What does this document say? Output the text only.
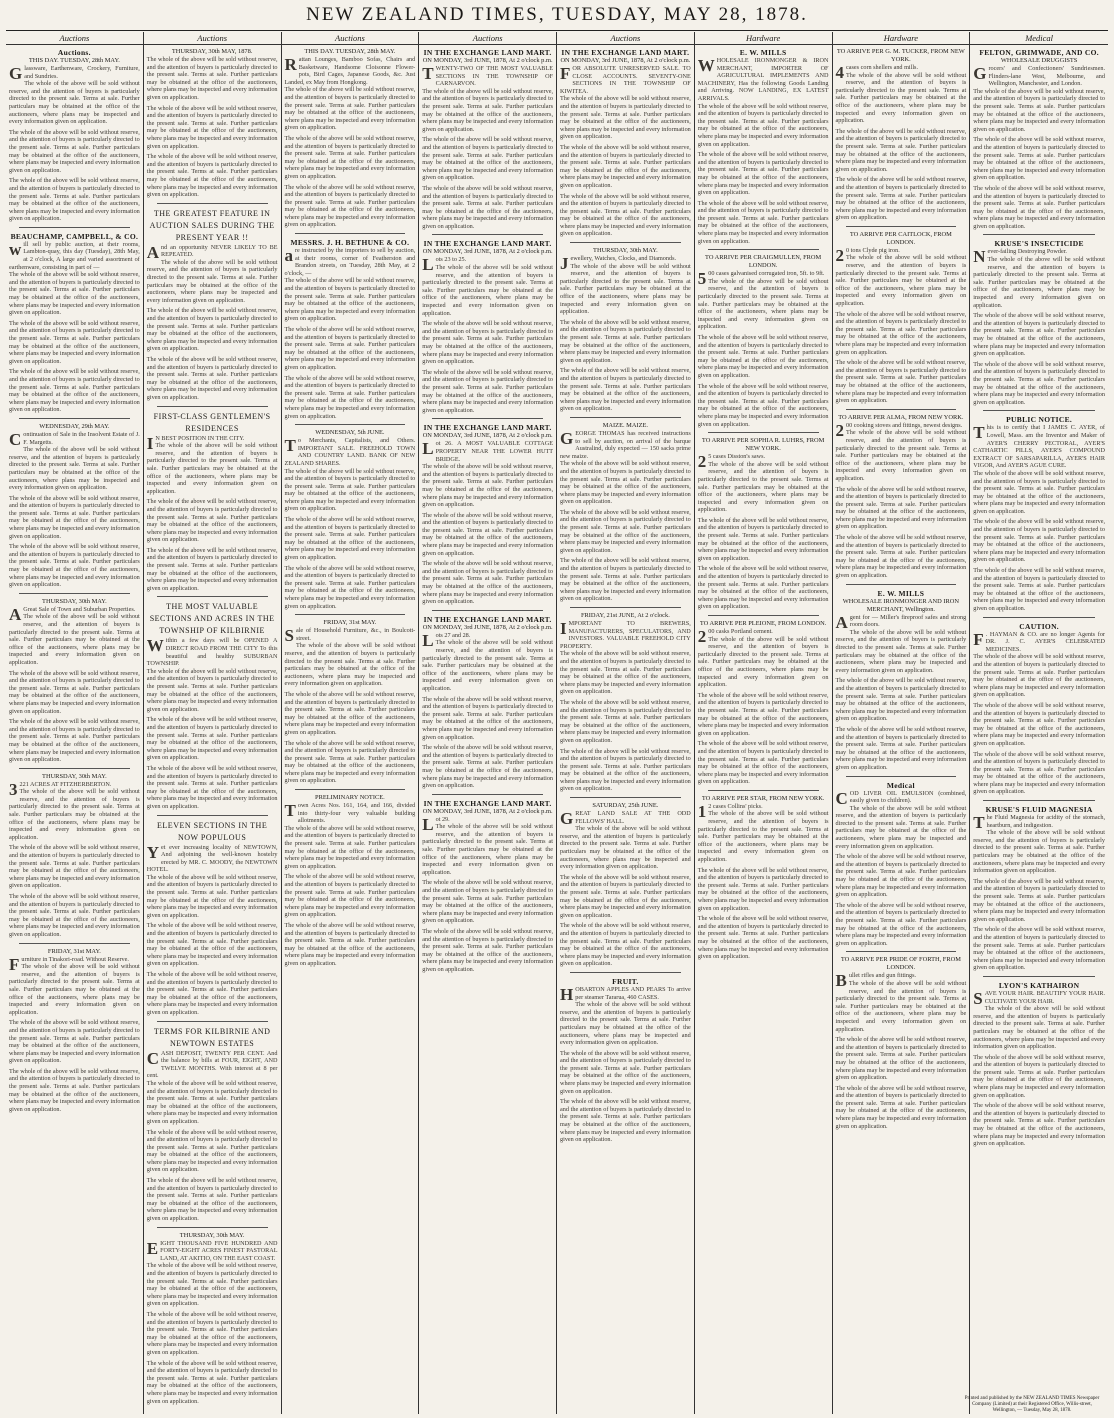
NEW ZEALAND TIMES, TUESDAY, MAY 28, 1878.
Auctions
Auctions.
THIS DAY. TUESDAY, 28th MAY.
Glassware, Earthenware, Crockery, Furniture, and Sundries.

The whole of the above will be sold without reserve, and the attention of buyers is particularly directed to the present sale. Terms at sale. Further particulars may be obtained at the office of the auctioneers, where plans may be inspected and every information given on application.

The whole of the above will be sold without reserve, and the attention of buyers is particularly directed to the present sale. Terms at sale. Further particulars may be obtained at the office of the auctioneers, where plans may be inspected and every information given on application.

The whole of the above will be sold without reserve, and the attention of buyers is particularly directed to the present sale. Terms at sale. Further particulars may be obtained at the office of the auctioneers, where plans may be inspected and every information given on application.

BEAUCHAMP, CAMPBELL, & CO.
will sell by public auction, at their rooms, Lambton-quay, this day (Tuesday), 28th May, at 2 o'clock, A large and varied assortment of earthenware, consisting in part of —

The whole of the above will be sold without reserve, and the attention of buyers is particularly directed to the present sale. Terms at sale. Further particulars may be obtained at the office of the auctioneers, where plans may be inspected and every information given on application.

The whole of the above will be sold without reserve, and the attention of buyers is particularly directed to the present sale. Terms at sale. Further particulars may be obtained at the office of the auctioneers, where plans may be inspected and every information given on application.

The whole of the above will be sold without reserve, and the attention of buyers is particularly directed to the present sale. Terms at sale. Further particulars may be obtained at the office of the auctioneers, where plans may be inspected and every information given on application.

WEDNESDAY, 29th MAY.
Continuation of Sale in the Insolvent Estate of J. F. Margetts.

The whole of the above will be sold without reserve, and the attention of buyers is particularly directed to the present sale. Terms at sale. Further particulars may be obtained at the office of the auctioneers, where plans may be inspected and every information given on application.

The whole of the above will be sold without reserve, and the attention of buyers is particularly directed to the present sale. Terms at sale. Further particulars may be obtained at the office of the auctioneers, where plans may be inspected and every information given on application.

The whole of the above will be sold without reserve, and the attention of buyers is particularly directed to the present sale. Terms at sale. Further particulars may be obtained at the office of the auctioneers, where plans may be inspected and every information given on application.

THURSDAY, 30th MAY.
A Great Sale of Town and Suburban Properties.

The whole of the above will be sold without reserve, and the attention of buyers is particularly directed to the present sale. Terms at sale. Further particulars may be obtained at the office of the auctioneers, where plans may be inspected and every information given on application.

The whole of the above will be sold without reserve, and the attention of buyers is particularly directed to the present sale. Terms at sale. Further particulars may be obtained at the office of the auctioneers, where plans may be inspected and every information given on application.

The whole of the above will be sold without reserve, and the attention of buyers is particularly directed to the present sale. Terms at sale. Further particulars may be obtained at the office of the auctioneers, where plans may be inspected and every information given on application.

THURSDAY, 30th MAY.
3 221 ACRES AT FITZHERBERTON.

The whole of the above will be sold without reserve, and the attention of buyers is particularly directed to the present sale. Terms at sale. Further particulars may be obtained at the office of the auctioneers, where plans may be inspected and every information given on application.

The whole of the above will be sold without reserve, and the attention of buyers is particularly directed to the present sale. Terms at sale. Further particulars may be obtained at the office of the auctioneers, where plans may be inspected and every information given on application.

The whole of the above will be sold without reserve, and the attention of buyers is particularly directed to the present sale. Terms at sale. Further particulars may be obtained at the office of the auctioneers, where plans may be inspected and every information given on application.

FRIDAY, 31st MAY.
Furniture in Tinakori-road. Without Reserve.

The whole of the above will be sold without reserve, and the attention of buyers is particularly directed to the present sale. Terms at sale. Further particulars may be obtained at the office of the auctioneers, where plans may be inspected and every information given on application.

The whole of the above will be sold without reserve, and the attention of buyers is particularly directed to the present sale. Terms at sale. Further particulars may be obtained at the office of the auctioneers, where plans may be inspected and every information given on application.

The whole of the above will be sold without reserve, and the attention of buyers is particularly directed to the present sale. Terms at sale. Further particulars may be obtained at the office of the auctioneers, where plans may be inspected and every information given on application.

Auctions
THURSDAY, 30th MAY, 1878.

The whole of the above will be sold without reserve, and the attention of buyers is particularly directed to the present sale. Terms at sale. Further particulars may be obtained at the office of the auctioneers, where plans may be inspected and every information given on application.

The whole of the above will be sold without reserve, and the attention of buyers is particularly directed to the present sale. Terms at sale. Further particulars may be obtained at the office of the auctioneers, where plans may be inspected and every information given on application.

The whole of the above will be sold without reserve, and the attention of buyers is particularly directed to the present sale. Terms at sale. Further particulars may be obtained at the office of the auctioneers, where plans may be inspected and every information given on application.

THE GREATEST FEATURE IN AUCTION SALES DURING THE PRESENT YEAR !!
And an opportunity NEVER LIKELY TO BE REPEATED.

The whole of the above will be sold without reserve, and the attention of buyers is particularly directed to the present sale. Terms at sale. Further particulars may be obtained at the office of the auctioneers, where plans may be inspected and every information given on application.

The whole of the above will be sold without reserve, and the attention of buyers is particularly directed to the present sale. Terms at sale. Further particulars may be obtained at the office of the auctioneers, where plans may be inspected and every information given on application.

The whole of the above will be sold without reserve, and the attention of buyers is particularly directed to the present sale. Terms at sale. Further particulars may be obtained at the office of the auctioneers, where plans may be inspected and every information given on application.

FIRST-CLASS GENTLEMEN'S RESIDENCES
I N BEST POSITION IN THE CITY.

The whole of the above will be sold without reserve, and the attention of buyers is particularly directed to the present sale. Terms at sale. Further particulars may be obtained at the office of the auctioneers, where plans may be inspected and every information given on application.

The whole of the above will be sold without reserve, and the attention of buyers is particularly directed to the present sale. Terms at sale. Further particulars may be obtained at the office of the auctioneers, where plans may be inspected and every information given on application.

The whole of the above will be sold without reserve, and the attention of buyers is particularly directed to the present sale. Terms at sale. Further particulars may be obtained at the office of the auctioneers, where plans may be inspected and every information given on application.

THE MOST VALUABLE SECTIONS AND ACRES IN THE TOWNSHIP OF KILBIRNIE
Within a few days will be OPENED A DIRECT ROAD FROM THE CITY To this beautiful and healthy SUBURBAN TOWNSHIP.

The whole of the above will be sold without reserve, and the attention of buyers is particularly directed to the present sale. Terms at sale. Further particulars may be obtained at the office of the auctioneers, where plans may be inspected and every information given on application.

The whole of the above will be sold without reserve, and the attention of buyers is particularly directed to the present sale. Terms at sale. Further particulars may be obtained at the office of the auctioneers, where plans may be inspected and every information given on application.

The whole of the above will be sold without reserve, and the attention of buyers is particularly directed to the present sale. Terms at sale. Further particulars may be obtained at the office of the auctioneers, where plans may be inspected and every information given on application.

ELEVEN SECTIONS IN THE NOW POPULOUS
Yet ever increasing locality of NEWTOWN, And adjoining the well-known hostelry erected by MR. C. MOODY, the NEWTOWN HOTEL.

The whole of the above will be sold without reserve, and the attention of buyers is particularly directed to the present sale. Terms at sale. Further particulars may be obtained at the office of the auctioneers, where plans may be inspected and every information given on application.

The whole of the above will be sold without reserve, and the attention of buyers is particularly directed to the present sale. Terms at sale. Further particulars may be obtained at the office of the auctioneers, where plans may be inspected and every information given on application.

The whole of the above will be sold without reserve, and the attention of buyers is particularly directed to the present sale. Terms at sale. Further particulars may be obtained at the office of the auctioneers, where plans may be inspected and every information given on application.

TERMS FOR KILBIRNIE AND NEWTOWN ESTATES
CASH DEPOSIT, TWENTY PER CENT. And the balance by bills at FOUR, EIGHT, AND TWELVE MONTHS. With interest at 8 per cent.

The whole of the above will be sold without reserve, and the attention of buyers is particularly directed to the present sale. Terms at sale. Further particulars may be obtained at the office of the auctioneers, where plans may be inspected and every information given on application.

The whole of the above will be sold without reserve, and the attention of buyers is particularly directed to the present sale. Terms at sale. Further particulars may be obtained at the office of the auctioneers, where plans may be inspected and every information given on application.

The whole of the above will be sold without reserve, and the attention of buyers is particularly directed to the present sale. Terms at sale. Further particulars may be obtained at the office of the auctioneers, where plans may be inspected and every information given on application.

THURSDAY, 30th MAY.
EIGHT THOUSAND FIVE HUNDRED AND FORTY-EIGHT ACRES FINEST PASTORAL LAND, AT AKITIO, ON THE EAST COAST.

The whole of the above will be sold without reserve, and the attention of buyers is particularly directed to the present sale. Terms at sale. Further particulars may be obtained at the office of the auctioneers, where plans may be inspected and every information given on application.

The whole of the above will be sold without reserve, and the attention of buyers is particularly directed to the present sale. Terms at sale. Further particulars may be obtained at the office of the auctioneers, where plans may be inspected and every information given on application.

The whole of the above will be sold without reserve, and the attention of buyers is particularly directed to the present sale. Terms at sale. Further particulars may be obtained at the office of the auctioneers, where plans may be inspected and every information given on application.

Auctions
THIS DAY. TUESDAY, 28th MAY.
Rattan Lounges, Bamboo Sofas, Chairs and Basketware, Handsome Cloisonne Flower-pots, Bird Cages, Japanese Goods, &c. Just Landed, ex May from Hongkong.

The whole of the above will be sold without reserve, and the attention of buyers is particularly directed to the present sale. Terms at sale. Further particulars may be obtained at the office of the auctioneers, where plans may be inspected and every information given on application.

The whole of the above will be sold without reserve, and the attention of buyers is particularly directed to the present sale. Terms at sale. Further particulars may be obtained at the office of the auctioneers, where plans may be inspected and every information given on application.

The whole of the above will be sold without reserve, and the attention of buyers is particularly directed to the present sale. Terms at sale. Further particulars may be obtained at the office of the auctioneers, where plans may be inspected and every information given on application.

MESSRS. J. H. BETHUNE & CO.
are instructed by the importers to sell by auction, at their rooms, corner of Featherston and Brandon streets, on Tuesday, 28th May, at 2 o'clock, —

The whole of the above will be sold without reserve, and the attention of buyers is particularly directed to the present sale. Terms at sale. Further particulars may be obtained at the office of the auctioneers, where plans may be inspected and every information given on application.

The whole of the above will be sold without reserve, and the attention of buyers is particularly directed to the present sale. Terms at sale. Further particulars may be obtained at the office of the auctioneers, where plans may be inspected and every information given on application.

The whole of the above will be sold without reserve, and the attention of buyers is particularly directed to the present sale. Terms at sale. Further particulars may be obtained at the office of the auctioneers, where plans may be inspected and every information given on application.

WEDNESDAY, 5th JUNE.
To Merchants, Capitalists, and Others. IMPORTANT SALE. FREEHOLD TOWN AND COUNTRY LAND. BANK OF NEW ZEALAND SHARES.

The whole of the above will be sold without reserve, and the attention of buyers is particularly directed to the present sale. Terms at sale. Further particulars may be obtained at the office of the auctioneers, where plans may be inspected and every information given on application.

The whole of the above will be sold without reserve, and the attention of buyers is particularly directed to the present sale. Terms at sale. Further particulars may be obtained at the office of the auctioneers, where plans may be inspected and every information given on application.

The whole of the above will be sold without reserve, and the attention of buyers is particularly directed to the present sale. Terms at sale. Further particulars may be obtained at the office of the auctioneers, where plans may be inspected and every information given on application.

FRIDAY, 31st MAY.
Sale of Household Furniture, &c., in Boulcott-street.

The whole of the above will be sold without reserve, and the attention of buyers is particularly directed to the present sale. Terms at sale. Further particulars may be obtained at the office of the auctioneers, where plans may be inspected and every information given on application.

The whole of the above will be sold without reserve, and the attention of buyers is particularly directed to the present sale. Terms at sale. Further particulars may be obtained at the office of the auctioneers, where plans may be inspected and every information given on application.

The whole of the above will be sold without reserve, and the attention of buyers is particularly directed to the present sale. Terms at sale. Further particulars may be obtained at the office of the auctioneers, where plans may be inspected and every information given on application.

PRELIMINARY NOTICE.
Town Acres Nos. 161, 164, and 166, divided into thirty-four very valuable building allotments.

The whole of the above will be sold without reserve, and the attention of buyers is particularly directed to the present sale. Terms at sale. Further particulars may be obtained at the office of the auctioneers, where plans may be inspected and every information given on application.

The whole of the above will be sold without reserve, and the attention of buyers is particularly directed to the present sale. Terms at sale. Further particulars may be obtained at the office of the auctioneers, where plans may be inspected and every information given on application.

The whole of the above will be sold without reserve, and the attention of buyers is particularly directed to the present sale. Terms at sale. Further particulars may be obtained at the office of the auctioneers, where plans may be inspected and every information given on application.

Auctions
IN THE EXCHANGE LAND MART.
ON MONDAY, 3rd JUNE, 1878, At 2 o'clock p.m.
TWENTY-TWO OF THE MOST VALUABLE SECTIONS IN THE TOWNSHIP OF CARNARVON.

The whole of the above will be sold without reserve, and the attention of buyers is particularly directed to the present sale. Terms at sale. Further particulars may be obtained at the office of the auctioneers, where plans may be inspected and every information given on application.

The whole of the above will be sold without reserve, and the attention of buyers is particularly directed to the present sale. Terms at sale. Further particulars may be obtained at the office of the auctioneers, where plans may be inspected and every information given on application.

The whole of the above will be sold without reserve, and the attention of buyers is particularly directed to the present sale. Terms at sale. Further particulars may be obtained at the office of the auctioneers, where plans may be inspected and every information given on application.

IN THE EXCHANGE LAND MART.
ON MONDAY, 3rd JUNE, 1878, At 2 o'clock p.m.
Lots 23 to 25.

The whole of the above will be sold without reserve, and the attention of buyers is particularly directed to the present sale. Terms at sale. Further particulars may be obtained at the office of the auctioneers, where plans may be inspected and every information given on application.

The whole of the above will be sold without reserve, and the attention of buyers is particularly directed to the present sale. Terms at sale. Further particulars may be obtained at the office of the auctioneers, where plans may be inspected and every information given on application.

The whole of the above will be sold without reserve, and the attention of buyers is particularly directed to the present sale. Terms at sale. Further particulars may be obtained at the office of the auctioneers, where plans may be inspected and every information given on application.

IN THE EXCHANGE LAND MART.
ON MONDAY, 3rd JUNE, 1878, At 2 o'clock p.m.
Lot 26. A MOST VALUABLE COTTAGE PROPERTY NEAR THE LOWER HUTT BRIDGE.

The whole of the above will be sold without reserve, and the attention of buyers is particularly directed to the present sale. Terms at sale. Further particulars may be obtained at the office of the auctioneers, where plans may be inspected and every information given on application.

The whole of the above will be sold without reserve, and the attention of buyers is particularly directed to the present sale. Terms at sale. Further particulars may be obtained at the office of the auctioneers, where plans may be inspected and every information given on application.

The whole of the above will be sold without reserve, and the attention of buyers is particularly directed to the present sale. Terms at sale. Further particulars may be obtained at the office of the auctioneers, where plans may be inspected and every information given on application.

IN THE EXCHANGE LAND MART.
ON MONDAY, 3rd JUNE, 1878, At 2 o'clock p.m.
Lots 27 and 28.

The whole of the above will be sold without reserve, and the attention of buyers is particularly directed to the present sale. Terms at sale. Further particulars may be obtained at the office of the auctioneers, where plans may be inspected and every information given on application.

The whole of the above will be sold without reserve, and the attention of buyers is particularly directed to the present sale. Terms at sale. Further particulars may be obtained at the office of the auctioneers, where plans may be inspected and every information given on application.

The whole of the above will be sold without reserve, and the attention of buyers is particularly directed to the present sale. Terms at sale. Further particulars may be obtained at the office of the auctioneers, where plans may be inspected and every information given on application.

IN THE EXCHANGE LAND MART.
ON MONDAY, 3rd JUNE, 1878, At 2 o'clock p.m.
Lot 29.

The whole of the above will be sold without reserve, and the attention of buyers is particularly directed to the present sale. Terms at sale. Further particulars may be obtained at the office of the auctioneers, where plans may be inspected and every information given on application.

The whole of the above will be sold without reserve, and the attention of buyers is particularly directed to the present sale. Terms at sale. Further particulars may be obtained at the office of the auctioneers, where plans may be inspected and every information given on application.

The whole of the above will be sold without reserve, and the attention of buyers is particularly directed to the present sale. Terms at sale. Further particulars may be obtained at the office of the auctioneers, where plans may be inspected and every information given on application.

Auctions
IN THE EXCHANGE LAND MART.
ON MONDAY, 3rd JUNE, 1878, At 2 o'clock p.m.
FOR ABSOLUTE UNRESERVED SALE. TO CLOSE ACCOUNTS. SEVENTY-ONE SECTIONS IN THE TOWNSHIP OF KIWITEA.

The whole of the above will be sold without reserve, and the attention of buyers is particularly directed to the present sale. Terms at sale. Further particulars may be obtained at the office of the auctioneers, where plans may be inspected and every information given on application.

The whole of the above will be sold without reserve, and the attention of buyers is particularly directed to the present sale. Terms at sale. Further particulars may be obtained at the office of the auctioneers, where plans may be inspected and every information given on application.

The whole of the above will be sold without reserve, and the attention of buyers is particularly directed to the present sale. Terms at sale. Further particulars may be obtained at the office of the auctioneers, where plans may be inspected and every information given on application.

THURSDAY, 30th MAY.
Jewellery, Watches, Clocks, and Diamonds.

The whole of the above will be sold without reserve, and the attention of buyers is particularly directed to the present sale. Terms at sale. Further particulars may be obtained at the office of the auctioneers, where plans may be inspected and every information given on application.

The whole of the above will be sold without reserve, and the attention of buyers is particularly directed to the present sale. Terms at sale. Further particulars may be obtained at the office of the auctioneers, where plans may be inspected and every information given on application.

The whole of the above will be sold without reserve, and the attention of buyers is particularly directed to the present sale. Terms at sale. Further particulars may be obtained at the office of the auctioneers, where plans may be inspected and every information given on application.

MAIZE. MAIZE.
GEORGE THOMAS has received instructions to sell by auction, on arrival of the barque Australind, duly expected — 150 sacks prime new maize.

The whole of the above will be sold without reserve, and the attention of buyers is particularly directed to the present sale. Terms at sale. Further particulars may be obtained at the office of the auctioneers, where plans may be inspected and every information given on application.

The whole of the above will be sold without reserve, and the attention of buyers is particularly directed to the present sale. Terms at sale. Further particulars may be obtained at the office of the auctioneers, where plans may be inspected and every information given on application.

The whole of the above will be sold without reserve, and the attention of buyers is particularly directed to the present sale. Terms at sale. Further particulars may be obtained at the office of the auctioneers, where plans may be inspected and every information given on application.

FRIDAY, 21st JUNE, At 2 o'clock.
IMPORTANT TO BREWERS, MANUFACTURERS, SPECULATORS, AND INVESTORS. VALUABLE FREEHOLD CITY PROPERTY.

The whole of the above will be sold without reserve, and the attention of buyers is particularly directed to the present sale. Terms at sale. Further particulars may be obtained at the office of the auctioneers, where plans may be inspected and every information given on application.

The whole of the above will be sold without reserve, and the attention of buyers is particularly directed to the present sale. Terms at sale. Further particulars may be obtained at the office of the auctioneers, where plans may be inspected and every information given on application.

The whole of the above will be sold without reserve, and the attention of buyers is particularly directed to the present sale. Terms at sale. Further particulars may be obtained at the office of the auctioneers, where plans may be inspected and every information given on application.

SATURDAY, 25th JUNE.
GREAT LAND SALE AT THE ODD FELLOWS' HALL.

The whole of the above will be sold without reserve, and the attention of buyers is particularly directed to the present sale. Terms at sale. Further particulars may be obtained at the office of the auctioneers, where plans may be inspected and every information given on application.

The whole of the above will be sold without reserve, and the attention of buyers is particularly directed to the present sale. Terms at sale. Further particulars may be obtained at the office of the auctioneers, where plans may be inspected and every information given on application.

The whole of the above will be sold without reserve, and the attention of buyers is particularly directed to the present sale. Terms at sale. Further particulars may be obtained at the office of the auctioneers, where plans may be inspected and every information given on application.

FRUIT.
HOBARTON APPLES AND PEARS To arrive per steamer Tararua, 460 CASES.

The whole of the above will be sold without reserve, and the attention of buyers is particularly directed to the present sale. Terms at sale. Further particulars may be obtained at the office of the auctioneers, where plans may be inspected and every information given on application.

The whole of the above will be sold without reserve, and the attention of buyers is particularly directed to the present sale. Terms at sale. Further particulars may be obtained at the office of the auctioneers, where plans may be inspected and every information given on application.

The whole of the above will be sold without reserve, and the attention of buyers is particularly directed to the present sale. Terms at sale. Further particulars may be obtained at the office of the auctioneers, where plans may be inspected and every information given on application.

Hardware
E. W. MILLS
WHOLESALE IRONMONGER & IRON MERCHANT, IMPORTER OF AGRICULTURAL IMPLEMENTS AND MACHINERY, Has the following Goods Landing and Arriving. NOW LANDING, EX LATEST ARRIVALS.

The whole of the above will be sold without reserve, and the attention of buyers is particularly directed to the present sale. Terms at sale. Further particulars may be obtained at the office of the auctioneers, where plans may be inspected and every information given on application.

The whole of the above will be sold without reserve, and the attention of buyers is particularly directed to the present sale. Terms at sale. Further particulars may be obtained at the office of the auctioneers, where plans may be inspected and every information given on application.

The whole of the above will be sold without reserve, and the attention of buyers is particularly directed to the present sale. Terms at sale. Further particulars may be obtained at the office of the auctioneers, where plans may be inspected and every information given on application.

TO ARRIVE PER CRAIGMULLEN, FROM LONDON.
5 00 cases galvanised corrugated iron, 5ft. to 9ft.

The whole of the above will be sold without reserve, and the attention of buyers is particularly directed to the present sale. Terms at sale. Further particulars may be obtained at the office of the auctioneers, where plans may be inspected and every information given on application.

The whole of the above will be sold without reserve, and the attention of buyers is particularly directed to the present sale. Terms at sale. Further particulars may be obtained at the office of the auctioneers, where plans may be inspected and every information given on application.

The whole of the above will be sold without reserve, and the attention of buyers is particularly directed to the present sale. Terms at sale. Further particulars may be obtained at the office of the auctioneers, where plans may be inspected and every information given on application.

TO ARRIVE PER SOPHIA R. LUHRS, FROM NEW YORK.
2 5 cases Disston's saws.

The whole of the above will be sold without reserve, and the attention of buyers is particularly directed to the present sale. Terms at sale. Further particulars may be obtained at the office of the auctioneers, where plans may be inspected and every information given on application.

The whole of the above will be sold without reserve, and the attention of buyers is particularly directed to the present sale. Terms at sale. Further particulars may be obtained at the office of the auctioneers, where plans may be inspected and every information given on application.

The whole of the above will be sold without reserve, and the attention of buyers is particularly directed to the present sale. Terms at sale. Further particulars may be obtained at the office of the auctioneers, where plans may be inspected and every information given on application.

TO ARRIVE PER PLEIONE, FROM LONDON.
2 00 casks Portland cement.

The whole of the above will be sold without reserve, and the attention of buyers is particularly directed to the present sale. Terms at sale. Further particulars may be obtained at the office of the auctioneers, where plans may be inspected and every information given on application.

The whole of the above will be sold without reserve, and the attention of buyers is particularly directed to the present sale. Terms at sale. Further particulars may be obtained at the office of the auctioneers, where plans may be inspected and every information given on application.

The whole of the above will be sold without reserve, and the attention of buyers is particularly directed to the present sale. Terms at sale. Further particulars may be obtained at the office of the auctioneers, where plans may be inspected and every information given on application.

TO ARRIVE PER STAR, FROM NEW YORK.
1 2 cases Collins' picks.

The whole of the above will be sold without reserve, and the attention of buyers is particularly directed to the present sale. Terms at sale. Further particulars may be obtained at the office of the auctioneers, where plans may be inspected and every information given on application.

The whole of the above will be sold without reserve, and the attention of buyers is particularly directed to the present sale. Terms at sale. Further particulars may be obtained at the office of the auctioneers, where plans may be inspected and every information given on application.

The whole of the above will be sold without reserve, and the attention of buyers is particularly directed to the present sale. Terms at sale. Further particulars may be obtained at the office of the auctioneers, where plans may be inspected and every information given on application.

Hardware
TO ARRIVE PER G. M. TUCKER, FROM NEW YORK.
4 cases corn shellers and mills.

The whole of the above will be sold without reserve, and the attention of buyers is particularly directed to the present sale. Terms at sale. Further particulars may be obtained at the office of the auctioneers, where plans may be inspected and every information given on application.

The whole of the above will be sold without reserve, and the attention of buyers is particularly directed to the present sale. Terms at sale. Further particulars may be obtained at the office of the auctioneers, where plans may be inspected and every information given on application.

The whole of the above will be sold without reserve, and the attention of buyers is particularly directed to the present sale. Terms at sale. Further particulars may be obtained at the office of the auctioneers, where plans may be inspected and every information given on application.

TO ARRIVE PER CAITLOCK, FROM LONDON.
2 0 tons Clyde pig iron.

The whole of the above will be sold without reserve, and the attention of buyers is particularly directed to the present sale. Terms at sale. Further particulars may be obtained at the office of the auctioneers, where plans may be inspected and every information given on application.

The whole of the above will be sold without reserve, and the attention of buyers is particularly directed to the present sale. Terms at sale. Further particulars may be obtained at the office of the auctioneers, where plans may be inspected and every information given on application.

The whole of the above will be sold without reserve, and the attention of buyers is particularly directed to the present sale. Terms at sale. Further particulars may be obtained at the office of the auctioneers, where plans may be inspected and every information given on application.

TO ARRIVE PER ALMA, FROM NEW YORK.
2 00 cooking stoves and fittings, newest designs.

The whole of the above will be sold without reserve, and the attention of buyers is particularly directed to the present sale. Terms at sale. Further particulars may be obtained at the office of the auctioneers, where plans may be inspected and every information given on application.

The whole of the above will be sold without reserve, and the attention of buyers is particularly directed to the present sale. Terms at sale. Further particulars may be obtained at the office of the auctioneers, where plans may be inspected and every information given on application.

The whole of the above will be sold without reserve, and the attention of buyers is particularly directed to the present sale. Terms at sale. Further particulars may be obtained at the office of the auctioneers, where plans may be inspected and every information given on application.

E. W. MILLS
WHOLESALE IRONMONGER AND IRON MERCHANT, Wellington.
Agent for — Miller's fireproof safes and strong room doors.

The whole of the above will be sold without reserve, and the attention of buyers is particularly directed to the present sale. Terms at sale. Further particulars may be obtained at the office of the auctioneers, where plans may be inspected and every information given on application.

The whole of the above will be sold without reserve, and the attention of buyers is particularly directed to the present sale. Terms at sale. Further particulars may be obtained at the office of the auctioneers, where plans may be inspected and every information given on application.

The whole of the above will be sold without reserve, and the attention of buyers is particularly directed to the present sale. Terms at sale. Further particulars may be obtained at the office of the auctioneers, where plans may be inspected and every information given on application.

Medical
COD LIVER OIL EMULSION (combined, easily given to children).

The whole of the above will be sold without reserve, and the attention of buyers is particularly directed to the present sale. Terms at sale. Further particulars may be obtained at the office of the auctioneers, where plans may be inspected and every information given on application.

The whole of the above will be sold without reserve, and the attention of buyers is particularly directed to the present sale. Terms at sale. Further particulars may be obtained at the office of the auctioneers, where plans may be inspected and every information given on application.

The whole of the above will be sold without reserve, and the attention of buyers is particularly directed to the present sale. Terms at sale. Further particulars may be obtained at the office of the auctioneers, where plans may be inspected and every information given on application.

TO ARRIVE PER PRIDE OF FORTH, FROM LONDON.
Bullet rifles and gun fittings.

The whole of the above will be sold without reserve, and the attention of buyers is particularly directed to the present sale. Terms at sale. Further particulars may be obtained at the office of the auctioneers, where plans may be inspected and every information given on application.

The whole of the above will be sold without reserve, and the attention of buyers is particularly directed to the present sale. Terms at sale. Further particulars may be obtained at the office of the auctioneers, where plans may be inspected and every information given on application.

The whole of the above will be sold without reserve, and the attention of buyers is particularly directed to the present sale. Terms at sale. Further particulars may be obtained at the office of the auctioneers, where plans may be inspected and every information given on application.

Medical
FELTON, GRIMWADE, AND CO.
WHOLESALE DRUGGISTS
Grocers' and Confectioners' Sundriesmen. Flinders-lane West, Melbourne, and Wellington, Manchester, and London.

The whole of the above will be sold without reserve, and the attention of buyers is particularly directed to the present sale. Terms at sale. Further particulars may be obtained at the office of the auctioneers, where plans may be inspected and every information given on application.

The whole of the above will be sold without reserve, and the attention of buyers is particularly directed to the present sale. Terms at sale. Further particulars may be obtained at the office of the auctioneers, where plans may be inspected and every information given on application.

The whole of the above will be sold without reserve, and the attention of buyers is particularly directed to the present sale. Terms at sale. Further particulars may be obtained at the office of the auctioneers, where plans may be inspected and every information given on application.

KRUSE'S INSECTICIDE
Never-failing Destroying Powder.

The whole of the above will be sold without reserve, and the attention of buyers is particularly directed to the present sale. Terms at sale. Further particulars may be obtained at the office of the auctioneers, where plans may be inspected and every information given on application.

The whole of the above will be sold without reserve, and the attention of buyers is particularly directed to the present sale. Terms at sale. Further particulars may be obtained at the office of the auctioneers, where plans may be inspected and every information given on application.

The whole of the above will be sold without reserve, and the attention of buyers is particularly directed to the present sale. Terms at sale. Further particulars may be obtained at the office of the auctioneers, where plans may be inspected and every information given on application.

PUBLIC NOTICE.
This is to certify that I JAMES C. AYER, of Lowell, Mass. am the Inventor and Maker of AYER'S CHERRY PECTORAL, AYER'S CATHARTIC PILLS, AYER'S COMPOUND EXTRACT OF SARSAPARILLA, AYER'S HAIR VIGOR, And AYER'S AGUE CURE.

The whole of the above will be sold without reserve, and the attention of buyers is particularly directed to the present sale. Terms at sale. Further particulars may be obtained at the office of the auctioneers, where plans may be inspected and every information given on application.

The whole of the above will be sold without reserve, and the attention of buyers is particularly directed to the present sale. Terms at sale. Further particulars may be obtained at the office of the auctioneers, where plans may be inspected and every information given on application.

The whole of the above will be sold without reserve, and the attention of buyers is particularly directed to the present sale. Terms at sale. Further particulars may be obtained at the office of the auctioneers, where plans may be inspected and every information given on application.

CAUTION.
F . HAYMAN & CO. are no longer Agents for DR. J. C. AYER'S CELEBRATED MEDICINES.

The whole of the above will be sold without reserve, and the attention of buyers is particularly directed to the present sale. Terms at sale. Further particulars may be obtained at the office of the auctioneers, where plans may be inspected and every information given on application.

The whole of the above will be sold without reserve, and the attention of buyers is particularly directed to the present sale. Terms at sale. Further particulars may be obtained at the office of the auctioneers, where plans may be inspected and every information given on application.

The whole of the above will be sold without reserve, and the attention of buyers is particularly directed to the present sale. Terms at sale. Further particulars may be obtained at the office of the auctioneers, where plans may be inspected and every information given on application.

KRUSE'S FLUID MAGNESIA
The Fluid Magnesia for acidity of the stomach, heartburn, and indigestion.

The whole of the above will be sold without reserve, and the attention of buyers is particularly directed to the present sale. Terms at sale. Further particulars may be obtained at the office of the auctioneers, where plans may be inspected and every information given on application.

The whole of the above will be sold without reserve, and the attention of buyers is particularly directed to the present sale. Terms at sale. Further particulars may be obtained at the office of the auctioneers, where plans may be inspected and every information given on application.

The whole of the above will be sold without reserve, and the attention of buyers is particularly directed to the present sale. Terms at sale. Further particulars may be obtained at the office of the auctioneers, where plans may be inspected and every information given on application.

LYON'S KATHAIRON
SAVE YOUR HAIR. BEAUTIFY YOUR HAIR. CULTIVATE YOUR HAIR.

The whole of the above will be sold without reserve, and the attention of buyers is particularly directed to the present sale. Terms at sale. Further particulars may be obtained at the office of the auctioneers, where plans may be inspected and every information given on application.

The whole of the above will be sold without reserve, and the attention of buyers is particularly directed to the present sale. Terms at sale. Further particulars may be obtained at the office of the auctioneers, where plans may be inspected and every information given on application.

The whole of the above will be sold without reserve, and the attention of buyers is particularly directed to the present sale. Terms at sale. Further particulars may be obtained at the office of the auctioneers, where plans may be inspected and every information given on application.

Printed and published by the NEW ZEALAND TIMES Newspaper Company (Limited) at their Registered Office, Willis-street, Wellington, — Tuesday, May 28, 1878.
